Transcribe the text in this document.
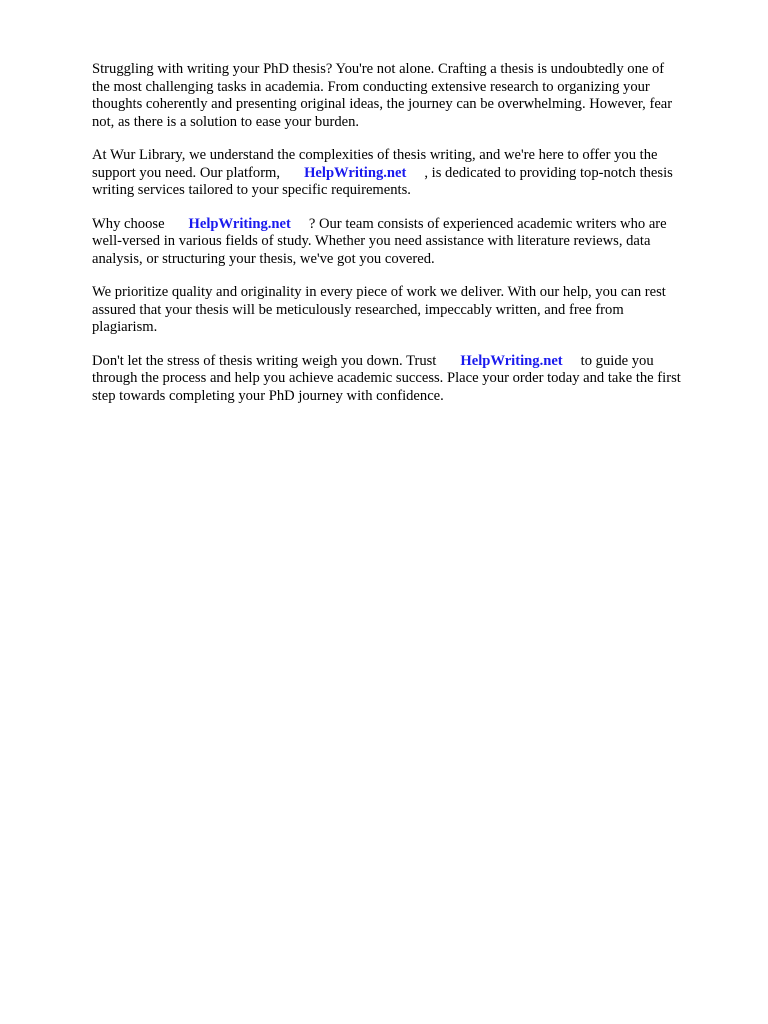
Struggling with writing your PhD thesis? You're not alone. Crafting a thesis is undoubtedly one of
the most challenging tasks in academia. From conducting extensive research to organizing your
thoughts coherently and presenting original ideas, the journey can be overwhelming. However, fear
not, as there is a solution to ease your burden.

At Wur Library, we understand the complexities of thesis writing, and we're here to offer you the
support you need. Our platform, HelpWriting.net , is dedicated to providing top-notch thesis
writing services tailored to your specific requirements.

Why choose HelpWriting.net ? Our team consists of experienced academic writers who are
well-versed in various fields of study. Whether you need assistance with literature reviews, data
analysis, or structuring your thesis, we've got you covered.

We prioritize quality and originality in every piece of work we deliver. With our help, you can rest
assured that your thesis will be meticulously researched, impeccably written, and free from
plagiarism.

Don't let the stress of thesis writing weigh you down. Trust HelpWriting.net to guide you
through the process and help you achieve academic success. Place your order today and take the first
step towards completing your PhD journey with confidence.
